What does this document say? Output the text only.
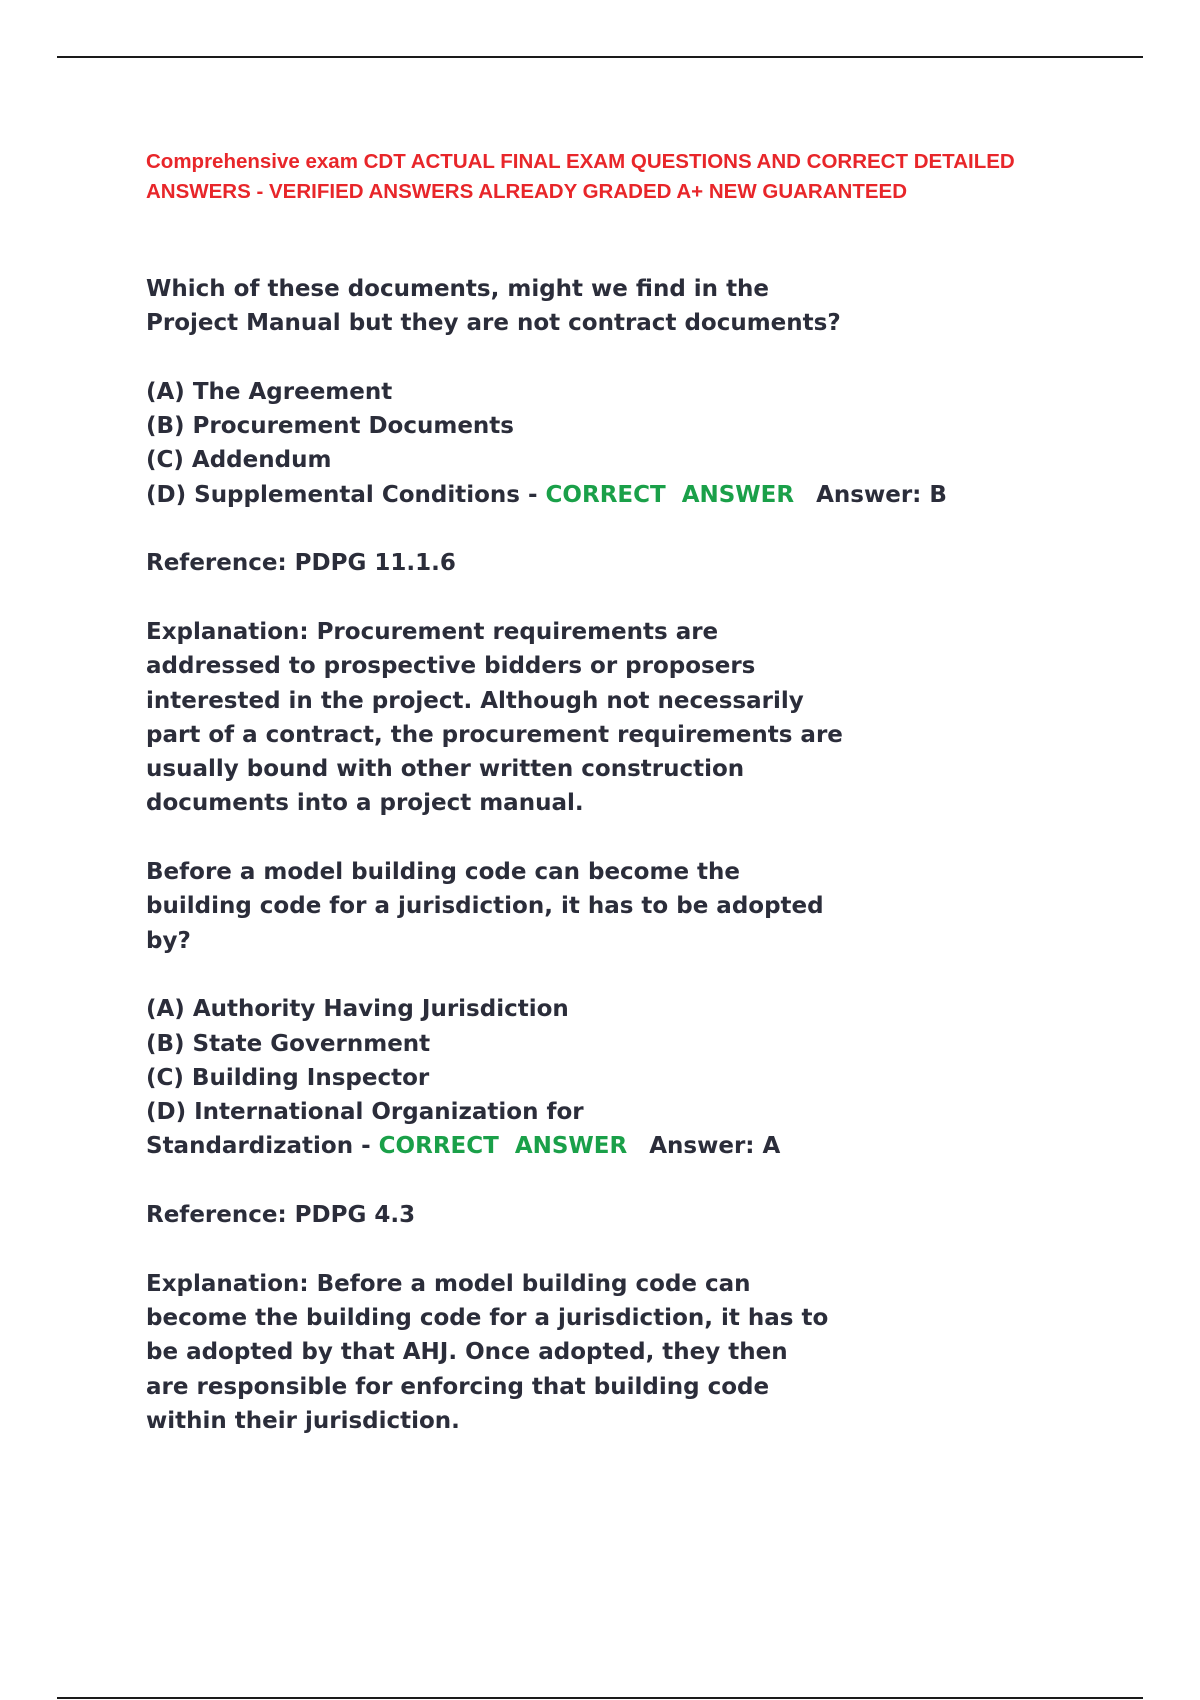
Comprehensive exam CDT ACTUAL FINAL EXAM QUESTIONS AND CORRECT DETAILED ANSWERS - VERIFIED ANSWERS ALREADY GRADED A+ NEW GUARANTEED

Which of these documents, might we find in the
Project Manual but they are not contract documents?

(A) The Agreement
(B) Procurement Documents
(C) Addendum
(D) Supplemental Conditions - CORRECT  ANSWER Answer: B

Reference: PDPG 11.1.6

Explanation: Procurement requirements are
addressed to prospective bidders or proposers
interested in the project. Although not necessarily
part of a contract, the procurement requirements are
usually bound with other written construction
documents into a project manual.

Before a model building code can become the
building code for a jurisdiction, it has to be adopted
by?

(A) Authority Having Jurisdiction
(B) State Government
(C) Building Inspector
(D) International Organization for
Standardization - CORRECT  ANSWER Answer: A

Reference: PDPG 4.3

Explanation: Before a model building code can
become the building code for a jurisdiction, it has to
be adopted by that AHJ. Once adopted, they then
are responsible for enforcing that building code
within their jurisdiction.
